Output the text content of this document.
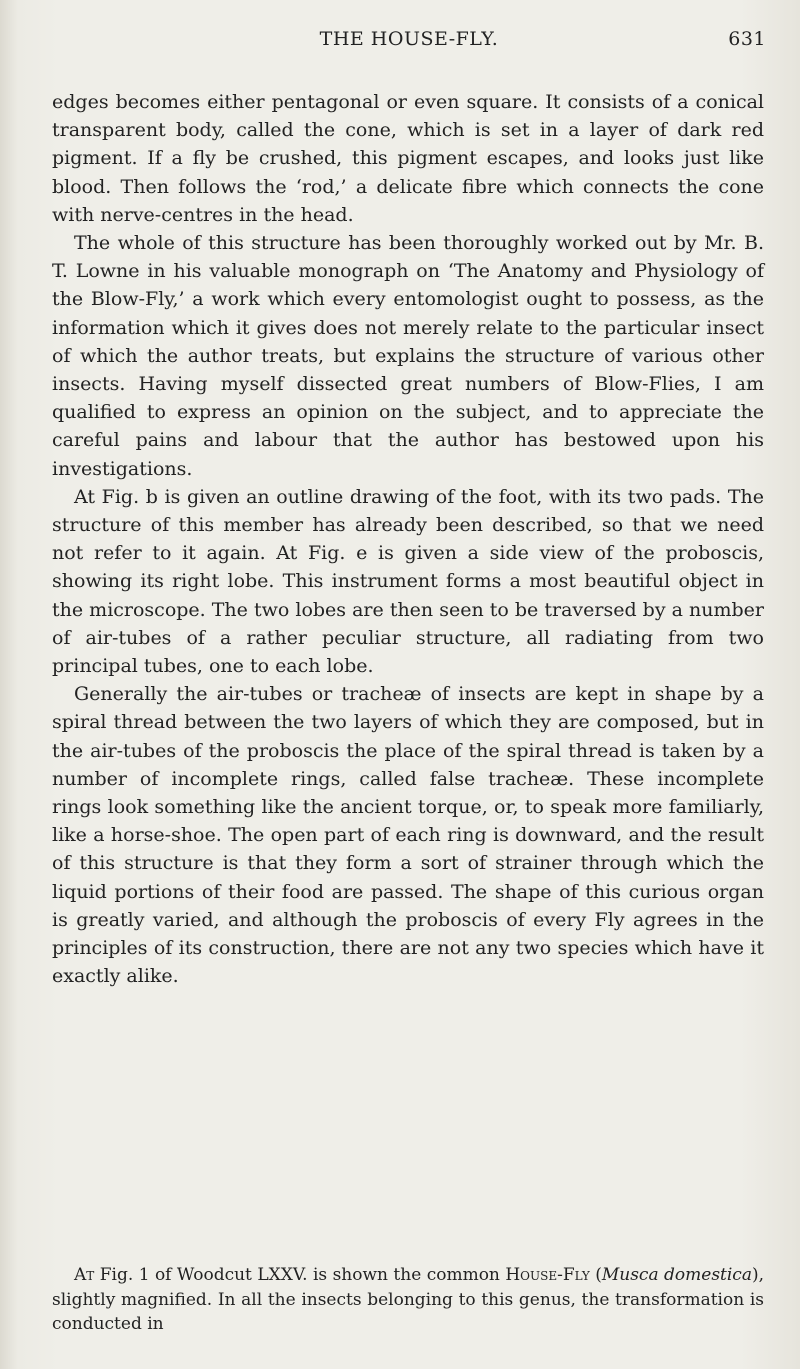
THE HOUSE-FLY.	631

edges becomes either pentagonal or even square. It consists of a conical transparent body, called the cone, which is set in a layer of dark red pigment. If a fly be crushed, this pigment escapes, and looks just like blood. Then follows the ‘rod,’ a delicate fibre which connects the cone with nerve-centres in the head.

The whole of this structure has been thoroughly worked out by Mr. B. T. Lowne in his valuable monograph on ‘The Anatomy and Physiology of the Blow-Fly,’ a work which every entomologist ought to possess, as the information which it gives does not merely relate to the particular insect of which the author treats, but explains the structure of various other insects. Having myself dissected great numbers of Blow-Flies, I am qualified to express an opinion on the subject, and to appreciate the careful pains and labour that the author has bestowed upon his investigations.

At Fig. b is given an outline drawing of the foot, with its two pads. The structure of this member has already been described, so that we need not refer to it again. At Fig. e is given a side view of the proboscis, showing its right lobe. This instrument forms a most beautiful object in the microscope. The two lobes are then seen to be traversed by a number of air-tubes of a rather peculiar structure, all radiating from two principal tubes, one to each lobe.

Generally the air-tubes or tracheæ of insects are kept in shape by a spiral thread between the two layers of which they are composed, but in the air-tubes of the proboscis the place of the spiral thread is taken by a number of incomplete rings, called false tracheæ. These incomplete rings look something like the ancient torque, or, to speak more familiarly, like a horse-shoe. The open part of each ring is downward, and the result of this structure is that they form a sort of strainer through which the liquid portions of their food are passed. The shape of this curious organ is greatly varied, and although the proboscis of every Fly agrees in the principles of its construction, there are not any two species which have it exactly alike.

At Fig. 1 of Woodcut LXXV. is shown the common House-Fly (Musca domestica), slightly magnified. In all the insects belonging to this genus, the transformation is conducted in
